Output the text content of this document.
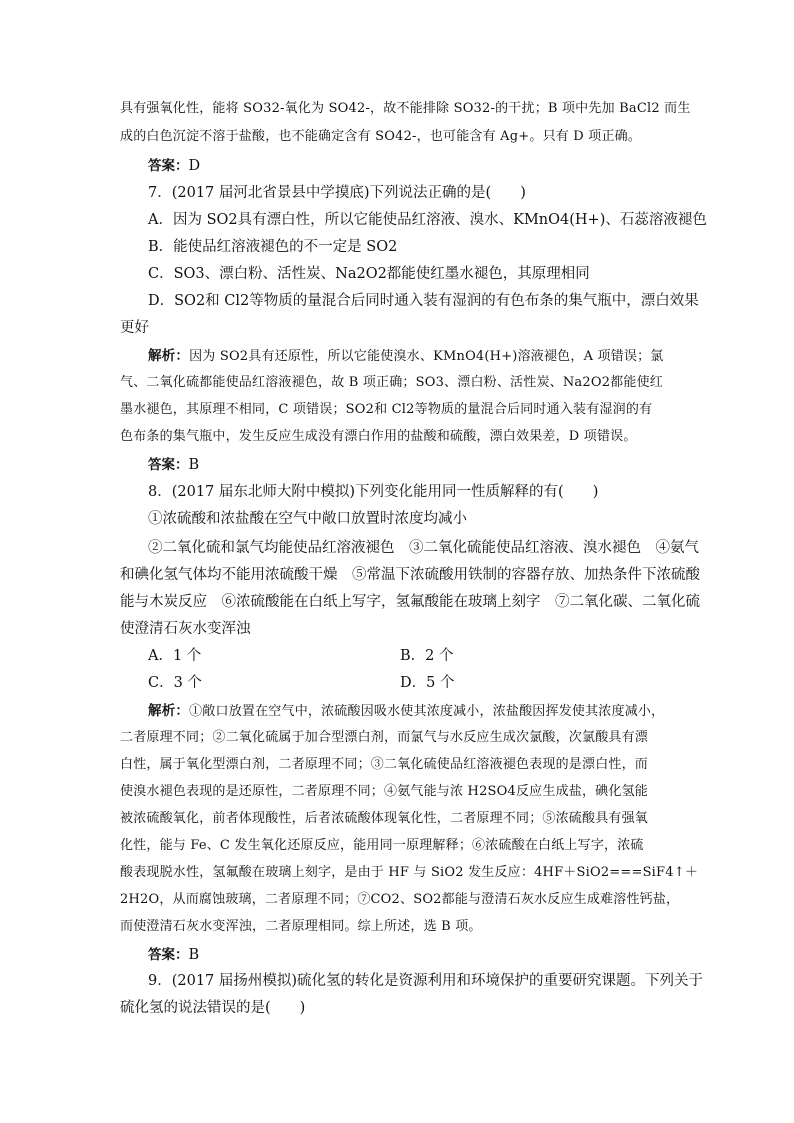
具有强氧化性，能将 SO32-氧化为 SO42-，故不能排除 SO32-的干扰；B 项中先加 BaCl2 而生
成的白色沉淀不溶于盐酸，也不能确定含有 SO42-，也可能含有 Ag+。只有 D 项正确。
答案：D
7．(2017 届河北省景县中学摸底)下列说法正确的是(　　)
A．因为 SO2具有漂白性，所以它能使品红溶液、溴水、KMnO4(H+)、石蕊溶液褪色
B．能使品红溶液褪色的不一定是 SO2
C．SO3、漂白粉、活性炭、Na2O2都能使红墨水褪色，其原理相同
D．SO2和 Cl2等物质的量混合后同时通入装有湿润的有色布条的集气瓶中，漂白效果
更好
解析：因为 SO2具有还原性，所以它能使溴水、KMnO4(H+)溶液褪色，A 项错误；氯
气、二氧化硫都能使品红溶液褪色，故 B 项正确；SO3、漂白粉、活性炭、Na2O2都能使红
墨水褪色，其原理不相同，C 项错误；SO2和 Cl2等物质的量混合后同时通入装有湿润的有
色布条的集气瓶中，发生反应生成没有漂白作用的盐酸和硫酸，漂白效果差，D 项错误。
答案：B
8．(2017 届东北师大附中模拟)下列变化能用同一性质解释的有(　　)
①浓硫酸和浓盐酸在空气中敞口放置时浓度均减小
②二氧化硫和氯气均能使品红溶液褪色　③二氧化硫能使品红溶液、溴水褪色　④氨气
和碘化氢气体均不能用浓硫酸干燥　⑤常温下浓硫酸用铁制的容器存放、加热条件下浓硫酸
能与木炭反应　⑥浓硫酸能在白纸上写字，氢氟酸能在玻璃上刻字　⑦二氧化碳、二氧化硫
使澄清石灰水变浑浊
A．1 个	B．2 个
C．3 个	D．5 个
解析：①敞口放置在空气中，浓硫酸因吸水使其浓度减小，浓盐酸因挥发使其浓度减小，
二者原理不同；②二氧化硫属于加合型漂白剂，而氯气与水反应生成次氯酸，次氯酸具有漂
白性，属于氧化型漂白剂，二者原理不同；③二氧化硫使品红溶液褪色表现的是漂白性，而
使溴水褪色表现的是还原性，二者原理不同；④氨气能与浓 H2SO4反应生成盐，碘化氢能
被浓硫酸氧化，前者体现酸性，后者浓硫酸体现氧化性，二者原理不同；⑤浓硫酸具有强氧
化性，能与 Fe、C 发生氧化还原反应，能用同一原理解释；⑥浓硫酸在白纸上写字，浓硫
酸表现脱水性，氢氟酸在玻璃上刻字，是由于 HF 与 SiO2 发生反应：4HF＋SiO2===SiF4↑＋
2H2O，从而腐蚀玻璃，二者原理不同；⑦CO2、SO2都能与澄清石灰水反应生成难溶性钙盐，
而使澄清石灰水变浑浊，二者原理相同。综上所述，选 B 项。
答案：B
9．(2017 届扬州模拟)硫化氢的转化是资源利用和环境保护的重要研究课题。下列关于
硫化氢的说法错误的是(　　)
